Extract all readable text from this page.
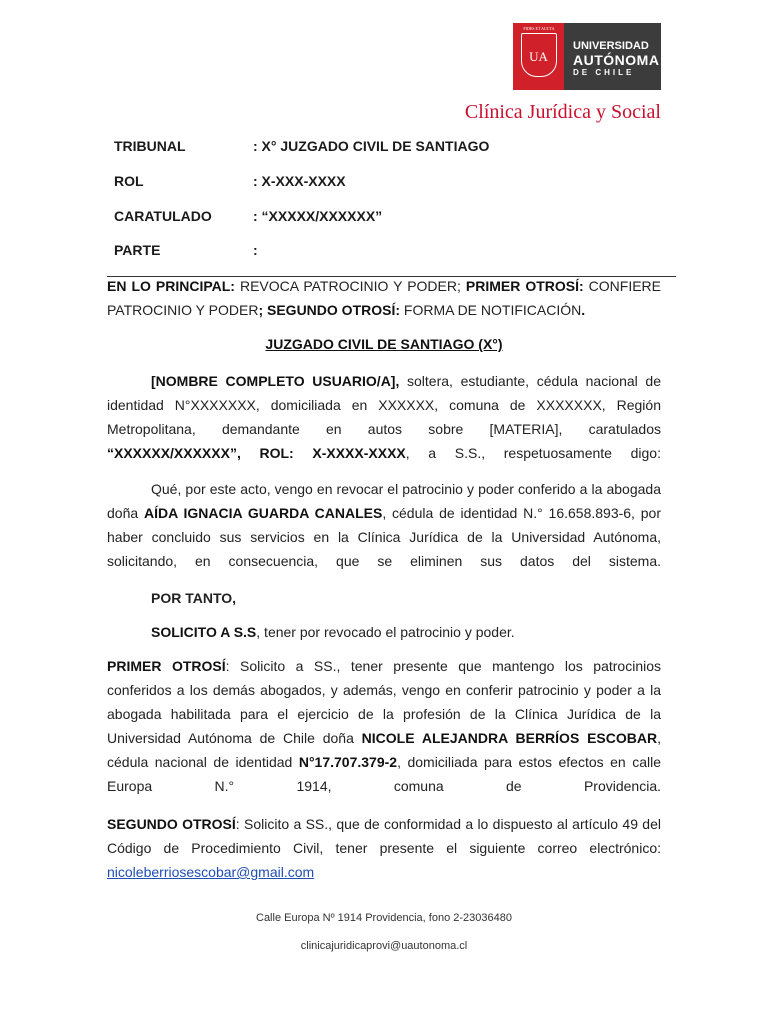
FIDES ET AUCTA
UA
UNIVERSIDAD
AUTÓNOMA
DE CHILE
Clínica Jurídica y Social
TRIBUNAL	: X° JUZGADO CIVIL DE SANTIAGO
ROL	: X-XXX-XXXX
CARATULADO	: “XXXXX/XXXXXX”
PARTE	:
EN LO PRINCIPAL: REVOCA PATROCINIO Y PODER; PRIMER OTROSÍ: CONFIERE
PATROCINIO Y PODER; SEGUNDO OTROSÍ: FORMA DE NOTIFICACIÓN.
JUZGADO CIVIL DE SANTIAGO (X°)
[NOMBRE COMPLETO USUARIO/A], soltera, estudiante, cédula nacional de identidad N°XXXXXXX, domiciliada en XXXXXX, comuna de XXXXXXX, Región Metropolitana, demandante en autos sobre [MATERIA], caratulados “XXXXXX/XXXXXX”, ROL: X-XXXX-XXXX, a S.S., respetuosamente digo:
Qué, por este acto, vengo en revocar el patrocinio y poder conferido a la abogada doña AÍDA IGNACIA GUARDA CANALES, cédula de identidad N.° 16.658.893-6, por haber concluido sus servicios en la Clínica Jurídica de la Universidad Autónoma, solicitando, en consecuencia, que se eliminen sus datos del sistema.
POR TANTO,
SOLICITO A S.S, tener por revocado el patrocinio y poder.
PRIMER OTROSÍ: Solicito a SS., tener presente que mantengo los patrocinios conferidos a los demás abogados, y además, vengo en conferir patrocinio y poder a la abogada habilitada para el ejercicio de la profesión de la Clínica Jurídica de la Universidad Autónoma de Chile doña NICOLE ALEJANDRA BERRÍOS ESCOBAR, cédula nacional de identidad N°17.707.379-2, domiciliada para estos efectos en calle Europa N.° 1914, comuna de Providencia.
SEGUNDO OTROSÍ: Solicito a SS., que de conformidad a lo dispuesto al artículo 49 del Código de Procedimiento Civil, tener presente el siguiente correo electrónico:
nicoleberriosescobar@gmail.com
Calle Europa Nº 1914 Providencia, fono 2-23036480
clinicajuridicaprovi@uautonoma.cl
